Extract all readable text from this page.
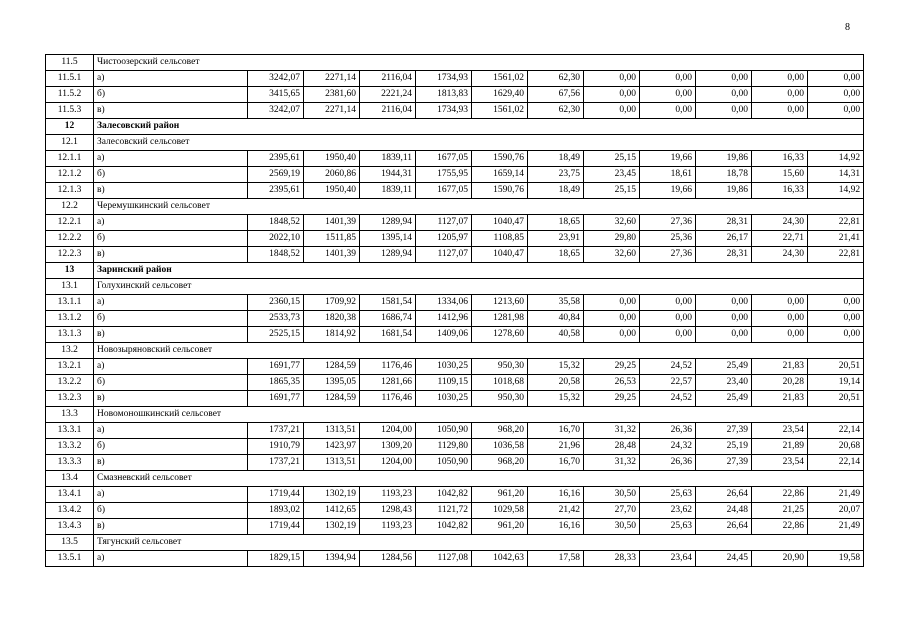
8
11.5	Чистоозерский сельсовет											
11.5.1	а)	3242,07	2271,14	2116,04	1734,93	1561,02	62,30	0,00	0,00	0,00	0,00	0,00
11.5.2	б)	3415,65	2381,60	2221,24	1813,83	1629,40	67,56	0,00	0,00	0,00	0,00	0,00
11.5.3	в)	3242,07	2271,14	2116,04	1734,93	1561,02	62,30	0,00	0,00	0,00	0,00	0,00
12	Залесовский район											
12.1	Залесовский сельсовет											
12.1.1	а)	2395,61	1950,40	1839,11	1677,05	1590,76	18,49	25,15	19,66	19,86	16,33	14,92
12.1.2	б)	2569,19	2060,86	1944,31	1755,95	1659,14	23,75	23,45	18,61	18,78	15,60	14,31
12.1.3	в)	2395,61	1950,40	1839,11	1677,05	1590,76	18,49	25,15	19,66	19,86	16,33	14,92
12.2	Черемушкинский сельсовет											
12.2.1	а)	1848,52	1401,39	1289,94	1127,07	1040,47	18,65	32,60	27,36	28,31	24,30	22,81
12.2.2	б)	2022,10	1511,85	1395,14	1205,97	1108,85	23,91	29,80	25,36	26,17	22,71	21,41
12.2.3	в)	1848,52	1401,39	1289,94	1127,07	1040,47	18,65	32,60	27,36	28,31	24,30	22,81
13	Заринский район											
13.1	Голухинский сельсовет											
13.1.1	а)	2360,15	1709,92	1581,54	1334,06	1213,60	35,58	0,00	0,00	0,00	0,00	0,00
13.1.2	б)	2533,73	1820,38	1686,74	1412,96	1281,98	40,84	0,00	0,00	0,00	0,00	0,00
13.1.3	в)	2525,15	1814,92	1681,54	1409,06	1278,60	40,58	0,00	0,00	0,00	0,00	0,00
13.2	Новозыряновский сельсовет											
13.2.1	а)	1691,77	1284,59	1176,46	1030,25	950,30	15,32	29,25	24,52	25,49	21,83	20,51
13.2.2	б)	1865,35	1395,05	1281,66	1109,15	1018,68	20,58	26,53	22,57	23,40	20,28	19,14
13.2.3	в)	1691,77	1284,59	1176,46	1030,25	950,30	15,32	29,25	24,52	25,49	21,83	20,51
13.3	Новомоношкинский сельсовет											
13.3.1	а)	1737,21	1313,51	1204,00	1050,90	968,20	16,70	31,32	26,36	27,39	23,54	22,14
13.3.2	б)	1910,79	1423,97	1309,20	1129,80	1036,58	21,96	28,48	24,32	25,19	21,89	20,68
13.3.3	в)	1737,21	1313,51	1204,00	1050,90	968,20	16,70	31,32	26,36	27,39	23,54	22,14
13.4	Смазневский сельсовет											
13.4.1	а)	1719,44	1302,19	1193,23	1042,82	961,20	16,16	30,50	25,63	26,64	22,86	21,49
13.4.2	б)	1893,02	1412,65	1298,43	1121,72	1029,58	21,42	27,70	23,62	24,48	21,25	20,07
13.4.3	в)	1719,44	1302,19	1193,23	1042,82	961,20	16,16	30,50	25,63	26,64	22,86	21,49
13.5	Тягунский сельсовет											
13.5.1	а)	1829,15	1394,94	1284,56	1127,08	1042,63	17,58	28,33	23,64	24,45	20,90	19,58
